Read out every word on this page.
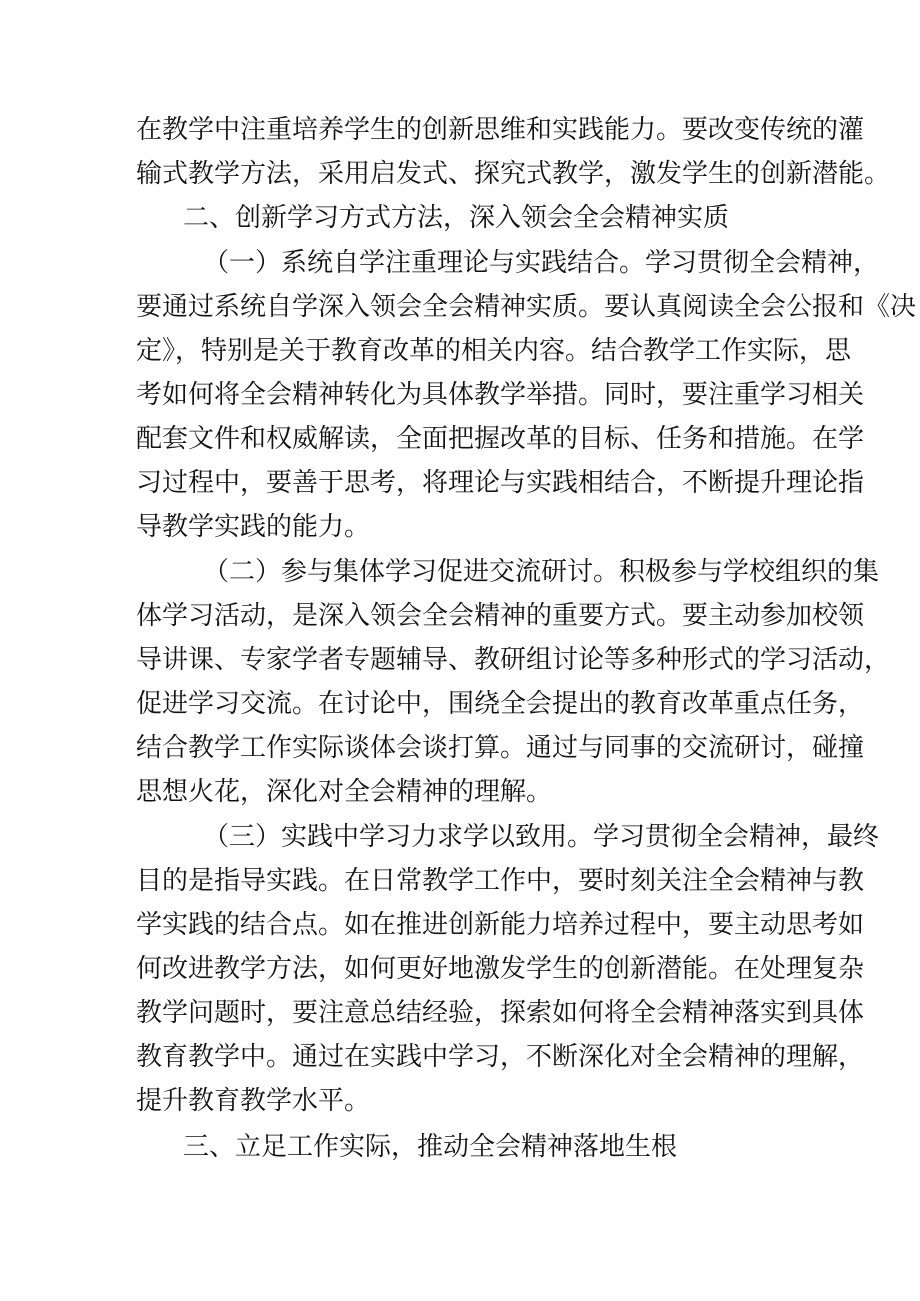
在教学中注重培养学生的创新思维和实践能力。要改变传统的灌
输式教学方法，采用启发式、探究式教学，激发学生的创新潜能。
二、创新学习方式方法，深入领会全会精神实质
（一）系统自学注重理论与实践结合。学习贯彻全会精神，
要通过系统自学深入领会全会精神实质。要认真阅读全会公报和《决
定》，特别是关于教育改革的相关内容。结合教学工作实际，思
考如何将全会精神转化为具体教学举措。同时，要注重学习相关
配套文件和权威解读，全面把握改革的目标、任务和措施。在学
习过程中，要善于思考，将理论与实践相结合，不断提升理论指
导教学实践的能力。
（二）参与集体学习促进交流研讨。积极参与学校组织的集
体学习活动，是深入领会全会精神的重要方式。要主动参加校领
导讲课、专家学者专题辅导、教研组讨论等多种形式的学习活动，
促进学习交流。在讨论中，围绕全会提出的教育改革重点任务，
结合教学工作实际谈体会谈打算。通过与同事的交流研讨，碰撞
思想火花，深化对全会精神的理解。
（三）实践中学习力求学以致用。学习贯彻全会精神，最终
目的是指导实践。在日常教学工作中，要时刻关注全会精神与教
学实践的结合点。如在推进创新能力培养过程中，要主动思考如
何改进教学方法，如何更好地激发学生的创新潜能。在处理复杂
教学问题时，要注意总结经验，探索如何将全会精神落实到具体
教育教学中。通过在实践中学习，不断深化对全会精神的理解，
提升教育教学水平。
三、立足工作实际，推动全会精神落地生根
